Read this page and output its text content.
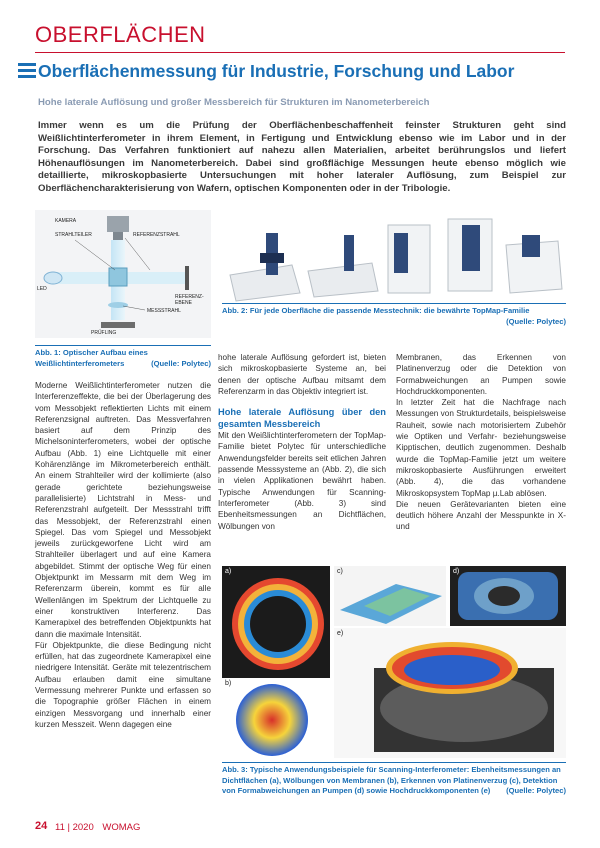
OBERFLÄCHEN
Oberflächenmessung für Industrie, Forschung und Labor
Hohe laterale Auflösung und großer Messbereich für Strukturen im Nanometerbereich
Immer wenn es um die Prüfung der Oberflächenbeschaffenheit feinster Strukturen geht sind Weißlichtinterferometer in ihrem Element, in Fertigung und Entwicklung ebenso wie im Labor und in der Forschung. Das Verfahren funktioniert auf nahezu allen Materialien, arbeitet berührungslos und liefert Höhenauflösungen im Nanometerbereich. Dabei sind großflächige Messungen heute ebenso möglich wie detaillierte, mikroskopbasierte Untersuchungen mit hoher lateraler Auflösung, zum Beispiel zur Oberflächencharakterisierung von Wafern, optischen Komponenten oder in der Tribologie.
KAMERA
STRAHLTEILER	REFERENZSTRAHL
REFERENZ-EBENE
LED
MESSSTRAHL
PRÜFLING
Abb. 1: Optischer Aufbau eines Weißlichtinterferometers	(Quelle: Polytec)
Abb. 2: Für jede Oberfläche die passende Messtechnik: die bewährte TopMap-Familie

(Quelle: Polytec)

Moderne Weißlichtinterferometer nutzen die Interferenzeffekte, die bei der Überlagerung des vom Messobjekt reflektierten Lichts mit einem Referenzsignal auftreten. Das Messverfahren basiert auf dem Prinzip des Michelsoninterferometers, wobei der optische Aufbau (Abb. 1) eine Lichtquelle mit einer Kohärenzlänge im Mikrometerbereich enthält. An einem Strahlteiler wird der kollimierte (also gerade gerichtete beziehungsweise parallelisierte) Lichtstrahl in Mess- und Referenzstrahl aufgeteilt. Der Messstrahl trifft das Messobjekt, der Referenzstrahl einen Spiegel. Das vom Spiegel und Messobjekt jeweils zurückgeworfene Licht wird am Strahlteiler überlagert und auf eine Kamera abgebildet. Stimmt der optische Weg für einen Objektpunkt im Messarm mit dem Weg im Referenzarm überein, kommt es für alle Wellenlängen im Spektrum der Lichtquelle zu einer konstruktiven Interferenz. Das Kamerapixel des betreffenden Objektpunkts hat dann die maximale Intensität.

Für Objektpunkte, die diese Bedingung nicht erfüllen, hat das zugeordnete Kamerapixel eine niedrigere Intensität. Geräte mit telezentrischem Aufbau erlauben damit eine simultane Vermessung mehrerer Punkte und erfassen so die Topographie größer Flächen in einem einzigen Messvorgang und innerhalb einer kurzen Messzeit. Wenn dagegen eine

hohe laterale Auflösung gefordert ist, bieten sich mikroskopbasierte Systeme an, bei denen der optische Aufbau mitsamt dem Referenzarm in das Objektiv integriert ist.

Hohe laterale Auflösung über den gesamten Messbereich

Mit den Weißlichtinterferometern der TopMap-Familie bietet Polytec für unterschiedliche Anwendungsfelder bereits seit etlichen Jahren passende Messsysteme an (Abb. 2), die sich in vielen Applikationen bewährt haben. Typische Anwendungen für Scanning-Interferometer (Abb. 3) sind Ebenheitsmessungen an Dichtflächen, Wölbungen von

Membranen, das Erkennen von Platinenverzug oder die Detektion von Formabweichungen an Pumpen sowie Hochdruckkomponenten.

In letzter Zeit hat die Nachfrage nach Messungen von Strukturdetails, beispielsweise Rauheit, sowie nach motorisiertem Zubehör wie Optiken und Verfahr- beziehungsweise Kipptischen, deutlich zugenommen. Deshalb wurde die TopMap-Familie jetzt um weitere mikroskopbasierte Ausführungen erweitert (Abb. 4), die das vorhandene Mikroskopsystem TopMap µ.Lab ablösen.

Die neuen Gerätevarianten bieten eine deutlich höhere Anzahl der Messpunkte in X- und

a)
b)
c)	d)
e)
Abb. 3: Typische Anwendungsbeispiele für Scanning-Interferometer: Ebenheitsmessungen an Dichtflächen (a), Wölbungen von Membranen (b), Erkennen von Platinenverzug (c), Detektion von Formabweichungen an Pumpen (d) sowie Hochdruckkomponenten (e) (Quelle: Polytec)
24 11 | 2020 WOMAG
